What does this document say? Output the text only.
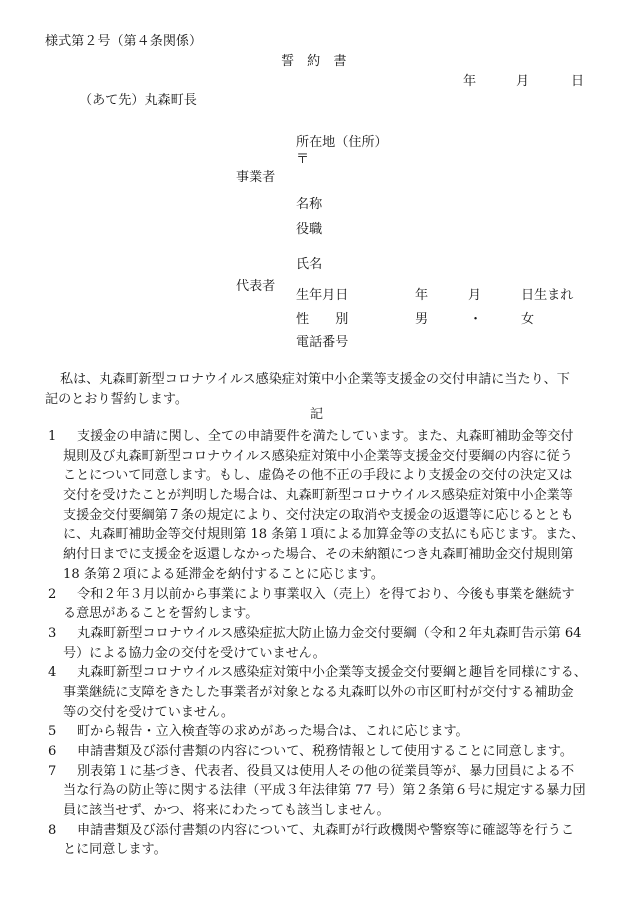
様式第２号（第４条関係）
誓　約　書
年	月	日
（あて先）丸森町長
所在地（住所）
〒
事業者
名称
役職
氏名
代表者
生年月日	年	月	日生まれ
性　　別	男	・	女
電話番号
私は、丸森町新型コロナウイルス感染症対策中小企業等支援金の交付申請に当たり、下
記のとおり誓約します。
記
1 支援金の申請に関し、全ての申請要件を満たしています。また、丸森町補助金等交付
規則及び丸森町新型コロナウイルス感染症対策中小企業等支援金交付要綱の内容に従う
ことについて同意します。もし、虚偽その他不正の手段により支援金の交付の決定又は
交付を受けたことが判明した場合は、丸森町新型コロナウイルス感染症対策中小企業等
支援金交付要綱第７条の規定により、交付決定の取消や支援金の返還等に応じるととも
に、丸森町補助金等交付規則第 18 条第１項による加算金等の支払にも応じます。また、
納付日までに支援金を返還しなかった場合、その未納額につき丸森町補助金交付規則第
18 条第２項による延滞金を納付することに応じます。
2 令和２年３月以前から事業により事業収入（売上）を得ており、今後も事業を継続す
る意思があることを誓約します。
3 丸森町新型コロナウイルス感染症拡大防止協力金交付要綱（令和２年丸森町告示第 64
号）による協力金の交付を受けていません。
4 丸森町新型コロナウイルス感染症対策中小企業等支援金交付要綱と趣旨を同様にする、
事業継続に支障をきたした事業者が対象となる丸森町以外の市区町村が交付する補助金
等の交付を受けていません。
5 町から報告・立入検査等の求めがあった場合は、これに応じます。
6 申請書類及び添付書類の内容について、税務情報として使用することに同意します。
7 別表第１に基づき、代表者、役員又は使用人その他の従業員等が、暴力団員による不
当な行為の防止等に関する法律（平成３年法律第 77 号）第２条第６号に規定する暴力団
員に該当せず、かつ、将来にわたっても該当しません。
8 申請書類及び添付書類の内容について、丸森町が行政機関や警察等に確認等を行うこ
とに同意します。
